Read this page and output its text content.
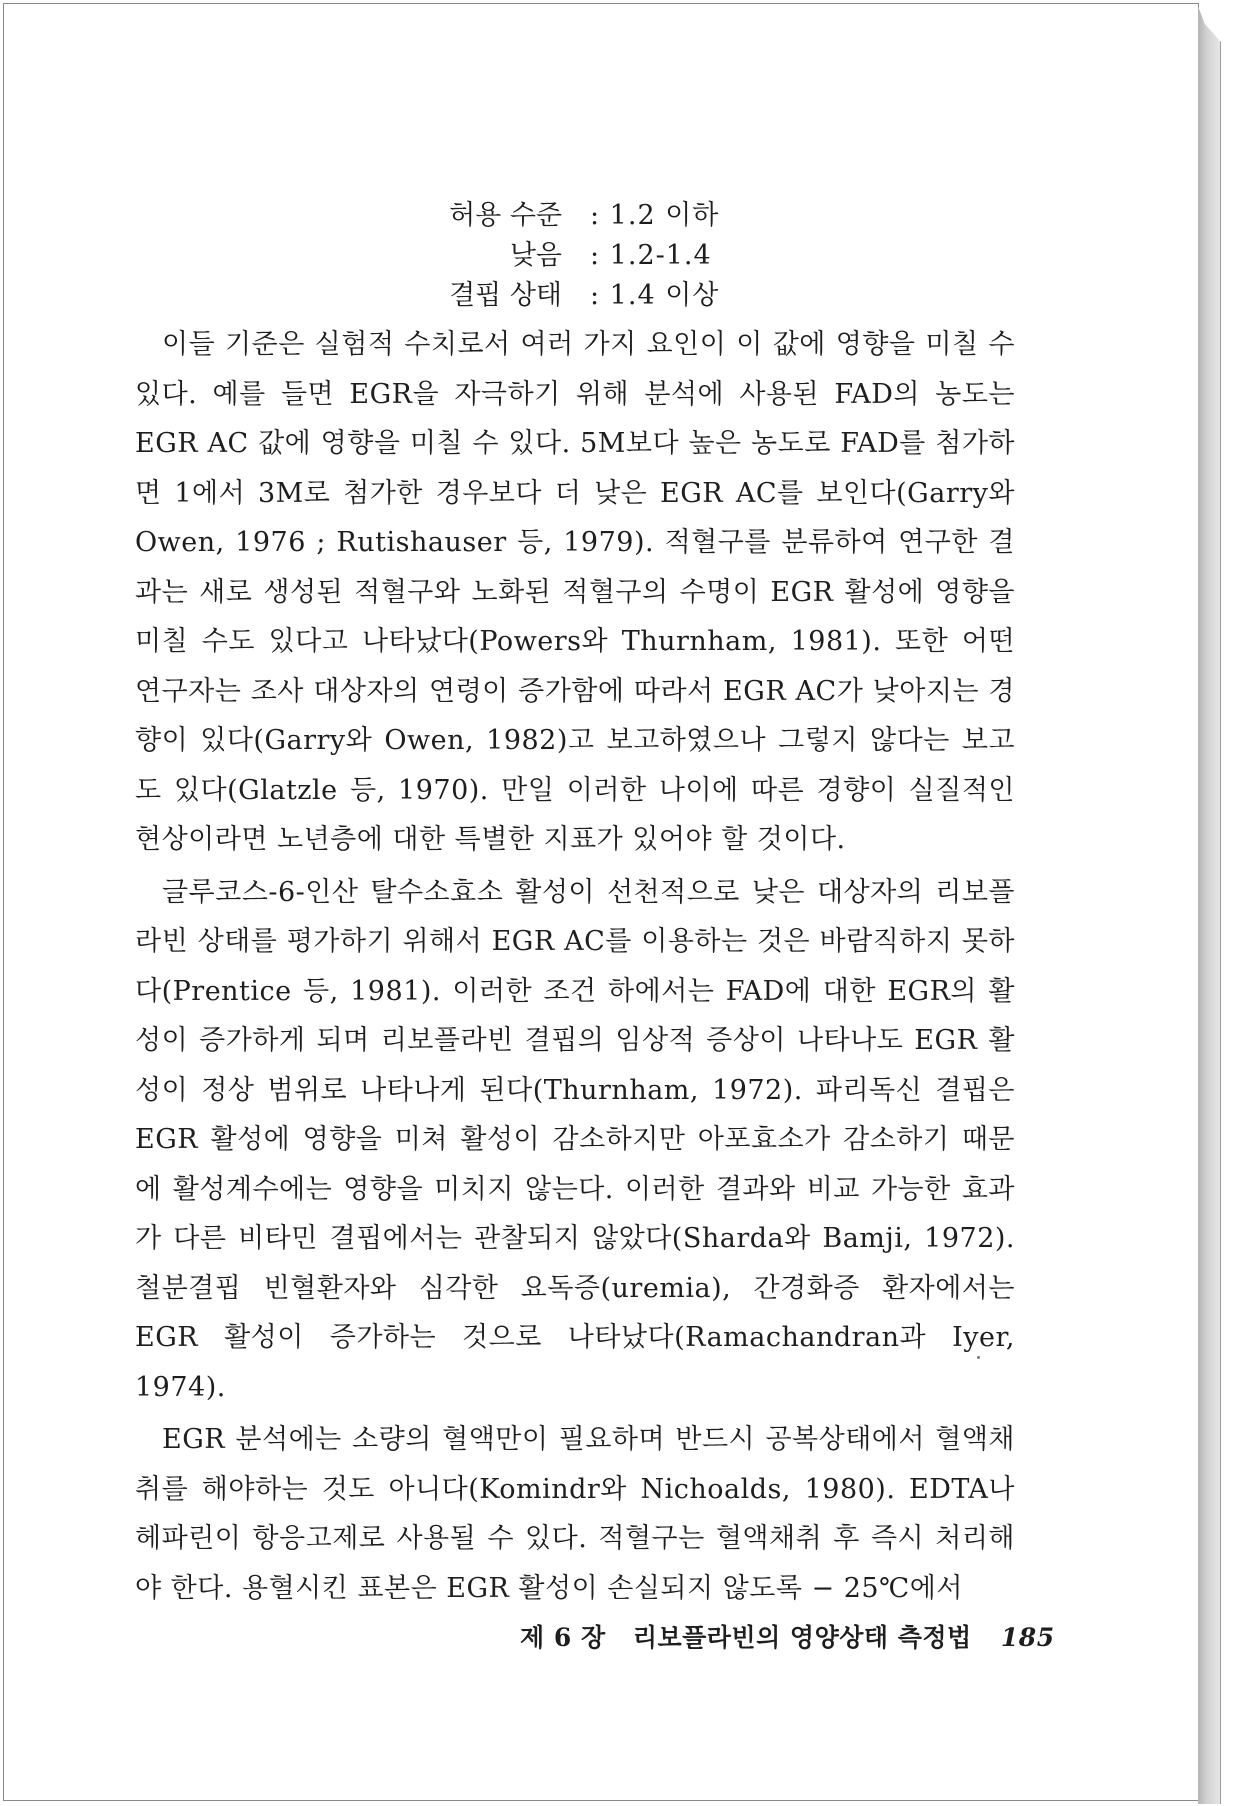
허용 수준	: 1.2 이하
낮음	: 1.2-1.4
결핍 상태	: 1.4 이상

이들 기준은 실험적 수치로서 여러 가지 요인이 이 값에 영향을 미칠 수 있다. 예를 들면 EGR을 자극하기 위해 분석에 사용된 FAD의 농도는 EGR AC 값에 영향을 미칠 수 있다. 5M보다 높은 농도로 FAD를 첨가하면 1에서 3M로 첨가한 경우보다 더 낮은 EGR AC를 보인다(Garry와 Owen, 1976 ; Rutishauser 등, 1979). 적혈구를 분류하여 연구한 결과는 새로 생성된 적혈구와 노화된 적혈구의 수명이 EGR 활성에 영향을 미칠 수도 있다고 나타났다(Powers와 Thurnham, 1981). 또한 어떤 연구자는 조사 대상자의 연령이 증가함에 따라서 EGR AC가 낮아지는 경향이 있다(Garry와 Owen, 1982)고 보고하였으나 그렇지 않다는 보고도 있다(Glatzle 등, 1970). 만일 이러한 나이에 따른 경향이 실질적인 현상이라면 노년층에 대한 특별한 지표가 있어야 할 것이다.

글루코스-6-인산 탈수소효소 활성이 선천적으로 낮은 대상자의 리보플라빈 상태를 평가하기 위해서 EGR AC를 이용하는 것은 바람직하지 못하다(Prentice 등, 1981). 이러한 조건 하에서는 FAD에 대한 EGR의 활성이 증가하게 되며 리보플라빈 결핍의 임상적 증상이 나타나도 EGR 활성이 정상 범위로 나타나게 된다(Thurnham, 1972). 파리독신 결핍은 EGR 활성에 영향을 미쳐 활성이 감소하지만 아포효소가 감소하기 때문에 활성계수에는 영향을 미치지 않는다. 이러한 결과와 비교 가능한 효과가 다른 비타민 결핍에서는 관찰되지 않았다(Sharda와 Bamji, 1972). 철분결핍 빈혈환자와 심각한 요독증(uremia), 간경화증 환자에서는 EGR 활성이 증가하는 것으로 나타났다(Ramachandran과 Iyer, 1974).

EGR 분석에는 소량의 혈액만이 필요하며 반드시 공복상태에서 혈액채취를 해야하는 것도 아니다(Komindr와 Nichoalds, 1980). EDTA나 헤파린이 항응고제로 사용될 수 있다. 적혈구는 혈액채취 후 즉시 처리해야 한다. 용혈시킨 표본은 EGR 활성이 손실되지 않도록 − 25℃에서

제 6 장 리보플라빈의 영양상태 측정법 185
